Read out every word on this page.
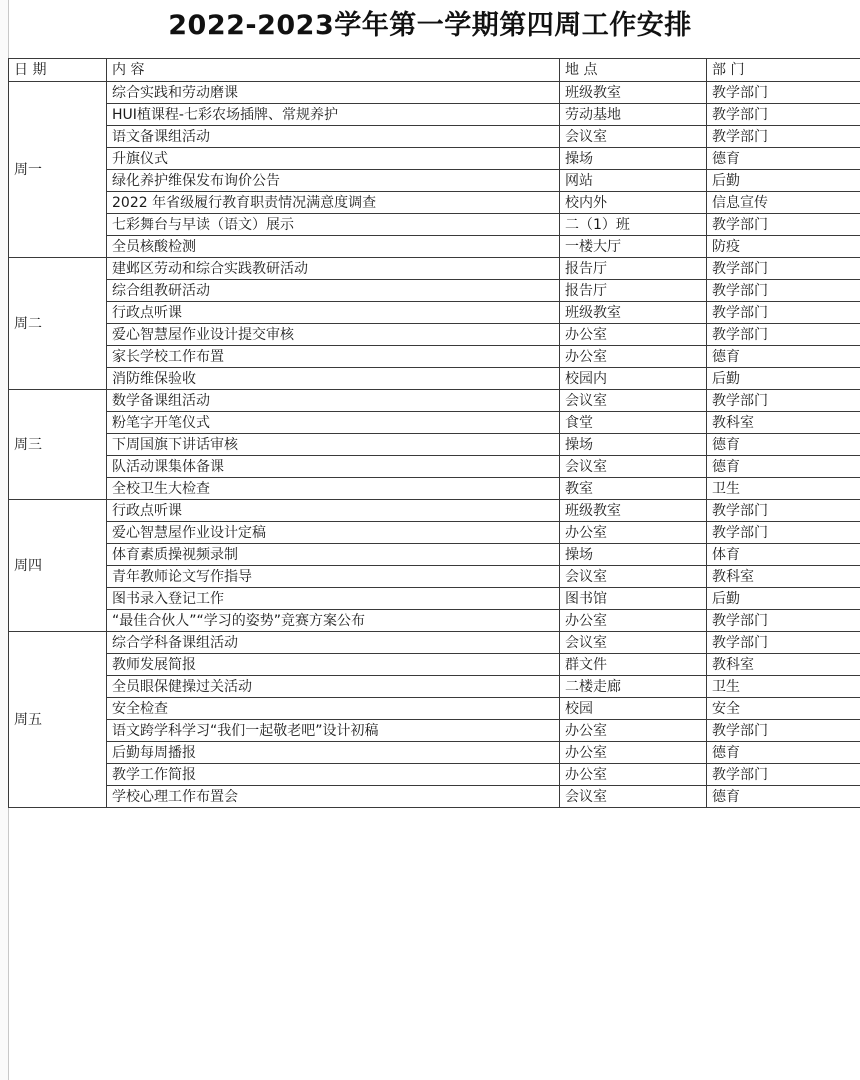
2022-2023学年第一学期第四周工作安排
日 期	内 容	地 点	部 门
周一	综合实践和劳动磨课	班级教室	教学部门
	HUI植课程-七彩农场插牌、常规养护	劳动基地	教学部门
	语文备课组活动	会议室	教学部门
	升旗仪式	操场	德育
	绿化养护维保发布询价公告	网站	后勤
	2022 年省级履行教育职责情况满意度调查	校内外	信息宣传
	七彩舞台与早读（语文）展示	二（1）班	教学部门
	全员核酸检测	一楼大厅	防疫
周二	建邺区劳动和综合实践教研活动	报告厅	教学部门
	综合组教研活动	报告厅	教学部门
	行政点听课	班级教室	教学部门
	爱心智慧屋作业设计提交审核	办公室	教学部门
	家长学校工作布置	办公室	德育
	消防维保验收	校园内	后勤
周三	数学备课组活动	会议室	教学部门
	粉笔字开笔仪式	食堂	教科室
	下周国旗下讲话审核	操场	德育
	队活动课集体备课	会议室	德育
	全校卫生大检查	教室	卫生
周四	行政点听课	班级教室	教学部门
	爱心智慧屋作业设计定稿	办公室	教学部门
	体育素质操视频录制	操场	体育
	青年教师论文写作指导	会议室	教科室
	图书录入登记工作	图书馆	后勤
	“最佳合伙人”“学习的姿势”竞赛方案公布	办公室	教学部门
周五	综合学科备课组活动	会议室	教学部门
	教师发展简报	群文件	教科室
	全员眼保健操过关活动	二楼走廊	卫生
	安全检查	校园	安全
	语文跨学科学习“我们一起敬老吧”设计初稿	办公室	教学部门
	后勤每周播报	办公室	德育
	教学工作简报	办公室	教学部门
	学校心理工作布置会	会议室	德育
